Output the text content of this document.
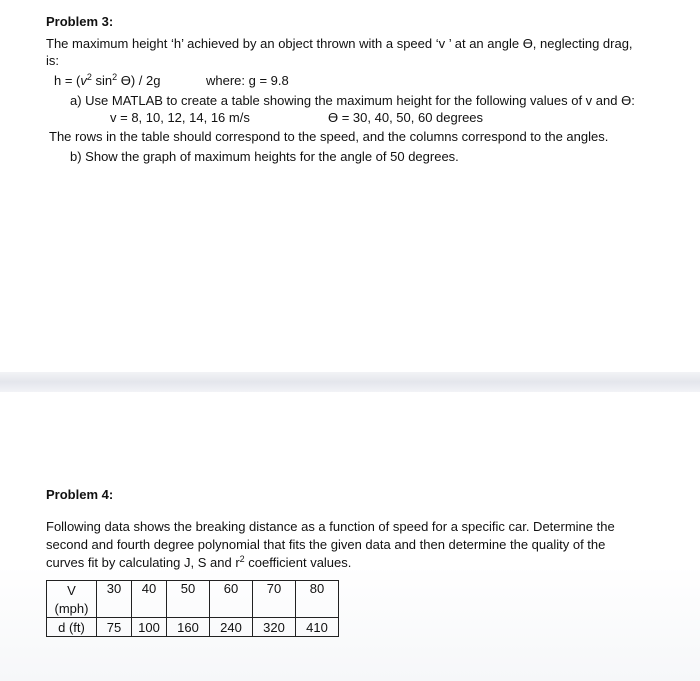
Problem 3:
The maximum height ‘h’ achieved by an object thrown with a speed ‘v ’ at an angle ϴ, neglecting drag,
is:
$h = (v^2$ $\sin^2 ϴ) / 2g$	where: g = 9.8
a) Use MATLAB to create a table showing the maximum height for the following values of v and ϴ:
v = 8, 10, 12, 14, 16 m/s	ϴ = 30, 40, 50, 60 degrees
The rows in the table should correspond to the speed, and the columns correspond to the angles.
b) Show the graph of maximum heights for the angle of 50 degrees.
Problem 4:
Following data shows the breaking distance as a function of speed for a specific car. Determine the
second and fourth degree polynomial that fits the given data and then determine the quality of the
curves fit by calculating J, S and $r^2$ coefficient values.
V	30	40	50	60	70	80
(mph)						
d (ft)	75	100	160	240	320	410
